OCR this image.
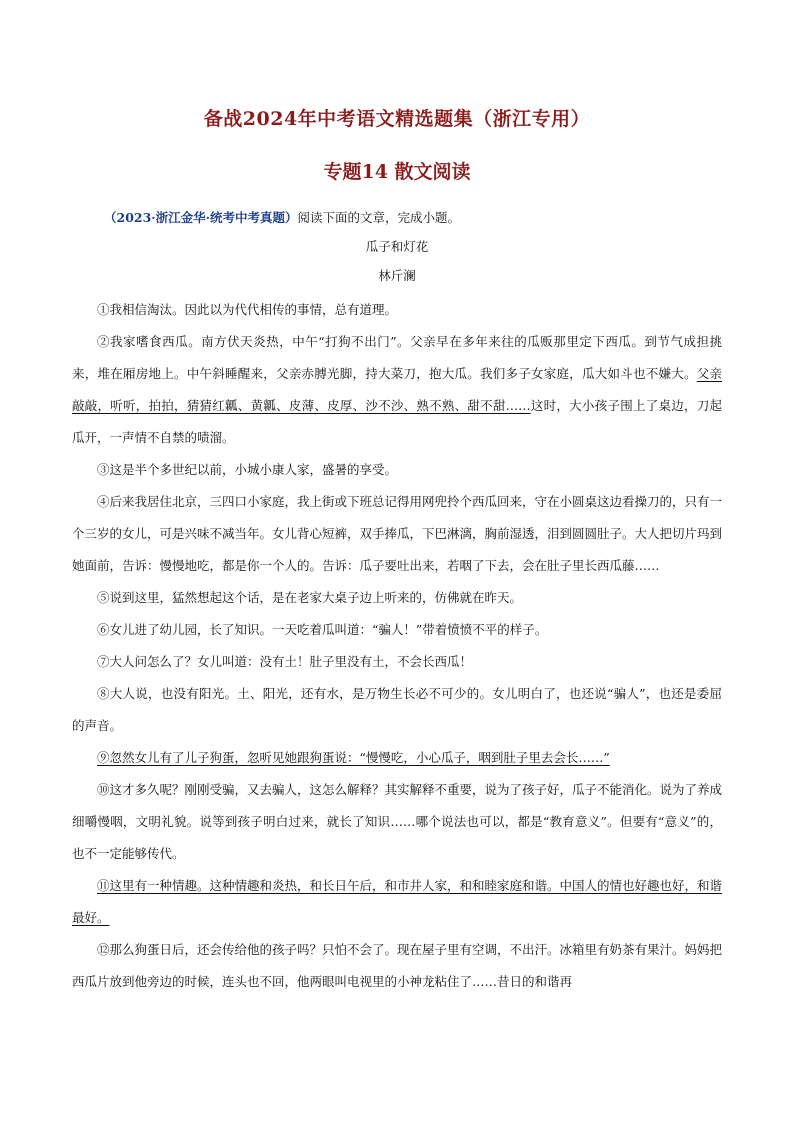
备战2024年中考语文精选题集（浙江专用）
专题14 散文阅读
（2023·浙江金华·统考中考真题）阅读下面的文章，完成小题。
瓜子和灯花
林斤澜

①我相信淘汰。因此以为代代相传的事情，总有道理。

②我家嗜食西瓜。南方伏天炎热，中午“打狗不出门”。父亲早在多年来往的瓜贩那里定下西瓜。到节气成担挑来，堆在厢房地上。中午斜睡醒来，父亲赤膊光脚，持大菜刀，抱大瓜。我们多子女家庭，瓜大如斗也不嫌大。父亲敲敲，听听，拍拍，猜猜红瓤、黄瓤、皮薄、皮厚、沙不沙、熟不熟、甜不甜……这时，大小孩子围上了桌边，刀起瓜开，一声情不自禁的啧溜。

③这是半个多世纪以前，小城小康人家，盛暑的享受。

④后来我居住北京，三四口小家庭，我上街或下班总记得用网兜拎个西瓜回来，守在小圆桌这边看操刀的，只有一个三岁的女儿，可是兴味不减当年。女儿背心短裤，双手捧瓜，下巴淋漓，胸前湿透，泪到圆圆肚子。大人把切片玛到她面前，告诉：慢慢地吃，都是你一个人的。告诉：瓜子要吐出来，若咽了下去，会在肚子里长西瓜藤……

⑤说到这里，猛然想起这个话，是在老家大桌子边上听来的，仿佛就在昨天。

⑥女儿进了幼儿园，长了知识。一天吃着瓜叫道：“骗人！”带着愤愤不平的样子。

⑦大人问怎么了？女儿叫道：没有土！肚子里没有土，不会长西瓜！

⑧大人说，也没有阳光。土、阳光，还有水，是万物生长必不可少的。女儿明白了，也还说“骗人”，也还是委屈的声音。

⑨忽然女儿有了儿子狗蛋，忽听见她跟狗蛋说：“慢慢吃，小心瓜子，咽到肚子里去会长……”

⑩这才多久呢？刚刚受骗，又去骗人，这怎么解释？其实解释不重要，说为了孩子好，瓜子不能消化。说为了养成细嚼慢咽，文明礼貌。说等到孩子明白过来，就长了知识……哪个说法也可以，都是“教育意义”。但要有“意义”的，也不一定能够传代。

⑪这里有一种情趣。这种情趣和炎热，和长日午后，和市井人家，和和睦家庭和谐。中国人的情也好趣也好，和谐最好。

⑫那么狗蛋日后，还会传给他的孩子吗？只怕不会了。现在屋子里有空调，不出汗。冰箱里有奶茶有果汁。妈妈把西瓜片放到他旁边的时候，连头也不回，他两眼叫电视里的小神龙粘住了……昔日的和谐再
